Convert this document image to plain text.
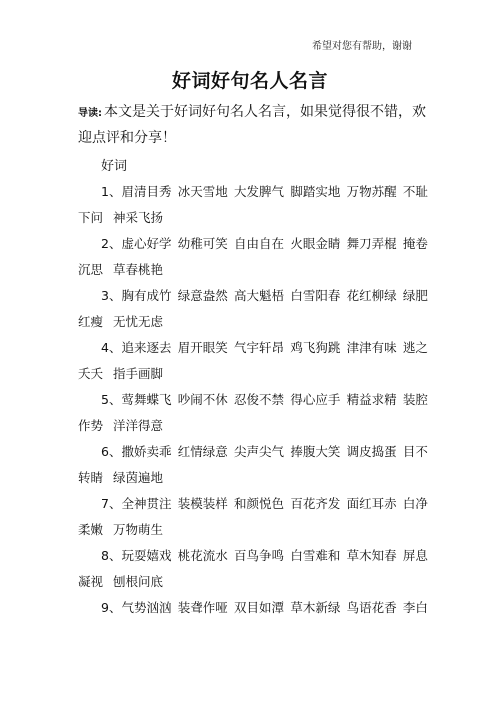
希望对您有帮助，谢谢
好词好句名人名言
导读: 本文是关于好词好句名人名言，如果觉得很不错，欢迎点评和分享！
好词
1、眉清目秀 冰天雪地 大发脾气 脚踏实地 万物苏醒 不耻
下问 神采飞扬
2、虚心好学 幼稚可笑 自由自在 火眼金睛 舞刀弄棍 掩卷
沉思 草春桃艳
3、胸有成竹 绿意盎然 高大魁梧 白雪阳春 花红柳绿 绿肥
红瘦 无忧无虑
4、追来逐去 眉开眼笑 气宇轩昂 鸡飞狗跳 津津有味 逃之
夭夭 指手画脚
5、莺舞蝶飞 吵闹不休 忍俊不禁 得心应手 精益求精 装腔
作势 洋洋得意
6、撒娇卖乖 红情绿意 尖声尖气 捧腹大笑 调皮捣蛋 目不
转睛 绿茵遍地
7、全神贯注 装模装样 和颜悦色 百花齐发 面红耳赤 白净
柔嫩 万物萌生
8、玩耍嬉戏 桃花流水 百鸟争鸣 白雪难和 草木知春 屏息
凝视 刨根问底
9、气势汹汹 装聋作哑 双目如潭 草木新绿 鸟语花香 李白
